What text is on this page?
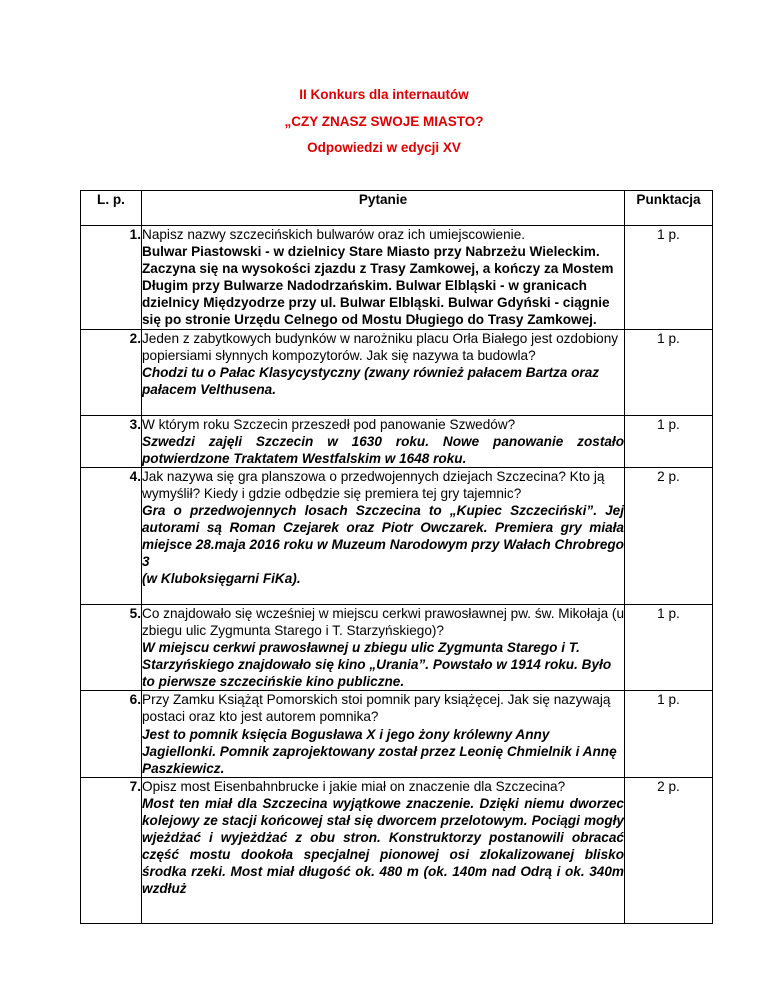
II Konkurs dla internautów
„CZY ZNASZ SWOJE MIASTO?
Odpowiedzi w edycji XV
L. p.	Pytanie	Punktacja
1.	Napisz nazwy szczecińskich bulwarów oraz ich umiejscowienie.

Bulwar Piastowski - w dzielnicy Stare Miasto przy Nabrzeżu Wieleckim. Zaczyna się na wysokości zjazdu z Trasy Zamkowej, a kończy za Mostem Długim przy Bulwarze Nadodrzańskim. Bulwar Elbląski - w granicach dzielnicy Międzyodrze przy ul. Bulwar Elbląski. Bulwar Gdyński - ciągnie się po stronie Urzędu Celnego od Mostu Długiego do Trasy Zamkowej.	1 p.
2.	Jeden z zabytkowych budynków w narożniku placu Orła Białego jest ozdobiony popiersiami słynnych kompozytorów. Jak się nazywa ta budowla?

Chodzi tu o Pałac Klasycystyczny (zwany również pałacem Bartza oraz pałacem Velthusena.	1 p.
3.	W którym roku Szczecin przeszedł pod panowanie Szwedów?

Szwedzi zajęli Szczecin w 1630 roku. Nowe panowanie zostało potwierdzone Traktatem Westfalskim w 1648 roku.	1 p.
4.	Jak nazywa się gra planszowa o przedwojennych dziejach Szczecina? Kto ją wymyślił? Kiedy i gdzie odbędzie się premiera tej gry tajemnic?

Gra o przedwojennych losach Szczecina to „Kupiec Szczeciński”. Jej autorami są Roman Czejarek oraz Piotr Owczarek. Premiera gry miała miejsce 28.maja 2016 roku w Muzeum Narodowym przy Wałach Chrobrego 3

(w Kluboksięgarni FiKa).	2 p.
5.	Co znajdowało się wcześniej w miejscu cerkwi prawosławnej pw. św. Mikołaja (u zbiegu ulic Zygmunta Starego i T. Starzyńskiego)?

W miejscu cerkwi prawosławnej u zbiegu ulic Zygmunta Starego i T. Starzyńskiego znajdowało się kino „Urania”. Powstało w 1914 roku. Było to pierwsze szczecińskie kino publiczne.	1 p.
6.	Przy Zamku Książąt Pomorskich stoi pomnik pary książęcej. Jak się nazywają postaci oraz kto jest autorem pomnika?

Jest to pomnik księcia Bogusława X i jego żony królewny Anny Jagiellonki. Pomnik zaprojektowany został przez Leonię Chmielnik i Annę Paszkiewicz.	1 p.
7.	Opisz most Eisenbahnbrucke i jakie miał on znaczenie dla Szczecina?

Most ten miał dla Szczecina wyjątkowe znaczenie. Dzięki niemu dworzec kolejowy ze stacji końcowej stał się dworcem przelotowym. Pociągi mogły wjeżdżać i wyjeżdżać z obu stron. Konstruktorzy postanowili obracać część mostu dookoła specjalnej pionowej osi zlokalizowanej blisko środka rzeki. Most miał długość ok. 480 m (ok. 140m nad Odrą i ok. 340m wzdłuż	2 p.
